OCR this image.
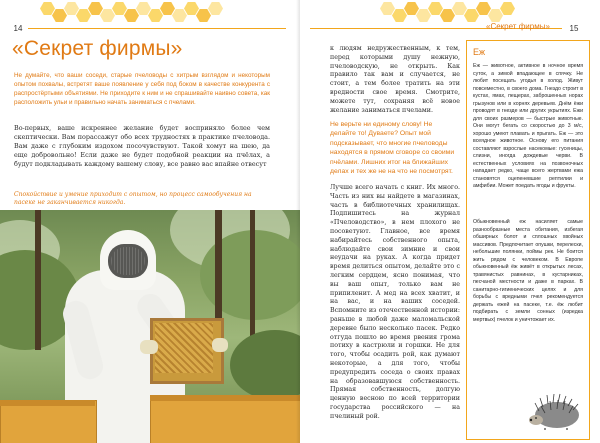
14
«Секрет фирмы»

Не думайте, что ваши соседи, старые пчеловоды с хитрым взглядом и некоторым опытом похвалы, встретят ваше появление у себя под боком в качестве конкурента с распростёртыми объятиями. Не приходите к ним и не спрашивайте наивно совета, как расположить ульи и правильно начать заниматься с пчелами.

Во-первых, ваше искреннее желание будет восприняло более чем скептически. Вам порассажут обо всех трудностях в практике пчеловода. Вам даже с глубоким издохом посочувствуют. Такой хомут на шею, да еще добровольно! Если даже не будет подобной реакции на пчёлах, а будут подкладывать каждому вашему слову, все равно вас впайне отвесут

Спокойствие и умение приходит с опытом, но процесс самообучения на пасеке не заканчивается никогда.

«Секрет фирмы»	15

к людям недружественным, к тем, перед которыми душу нежную, пчеловодскую, не открыть. Как правило так вам и случается, не стоит, а тем более тратить на эти вредности свое время. Смотрите, можете тут, сохраняя всё новое желание заниматься пчелами.

Не верьте ни единому слову! Не делайте то! Дуваете? Опыт мой подсказывает, что многие пчеловоды находятся в прямом сговоре со своими пчёлами. Лишних итог на ближайших делах и тех же не на что не посмотрят.

Лучше всего начать с книг. Их много. Часть из них вы найдете в магазинах, часть в библиотечных хранилищах. Подпишитесь на журнал «Пчеловодство», в нем плохого не посоветуют. Главное, все время набирайтесь собственного опыта, наблюдайте свои зимние и свои неудачи на руках. А когда придет время делиться опытом, делайте это с легким сердцем, ясно понимая, что вы ваш опыт, только вам не припиленит. А мед на всех хватит, и на вас, и на ваших соседей. Вспомните из отечественной истории: раньше в любой даже маломальской деревне было несколько пасек. Редко отгуда пошло во время рвения грома потиху в кастрюли и горшки. Не для того, чтобы осадить рой, как думают некоторые, а для того, чтобы предупредить соседа о своих правах на образовавшуюся собственность. Прямая собственность, долгую ценную весною по всей территории государства российского — на пчелиный рой.

Еж

Еж — животное, активное в ночное время суток, а зимой впадающее в спячку. Не любит посещать угодья в холод. Живут повсеместно, в своего дома. Гнездо строит в кустах, ямах, пещерах, заброшенных норах грызунов или в корнях деревьев. Днём ёжи проводят в гнезде или других укрытиях. Ежи для своих размеров — быстрые животные. Они могут бегать со скоростью до 3 м/с, хорошо умеют плавать и прыгать. Еж — это всеядное животное. Основу его питания составляют взрослые насекомые: гусеницы, слизни, иногда дождевые черви. В естественных условиях на позвоночных нападает редко, чаще всего жертвами ежа становятся оцепеневшие рептилии и амфибии. Может поедать ягоды и фрукты.

Обыкновенный еж насиляет самые разнообразные места обитания, избегая обширных болот и сплошных хвойных массивов. Предпочитает опушки, перелески, небольшие полянки, поймы рек. Не боится жить рядом с человеком. В Европе обыкновенный ёж живёт в открытых лесах, травянистых равнинах, в кустарниках, песчаной местности и даже в парках. В санитарно-гигиенических целях и для борьбы с вредными пчел рекомендуется держать ежей на пасеке, т.е. ёж любит подбирать с земли сонных (изредка мертвых) пчелок и уничтожает их.
